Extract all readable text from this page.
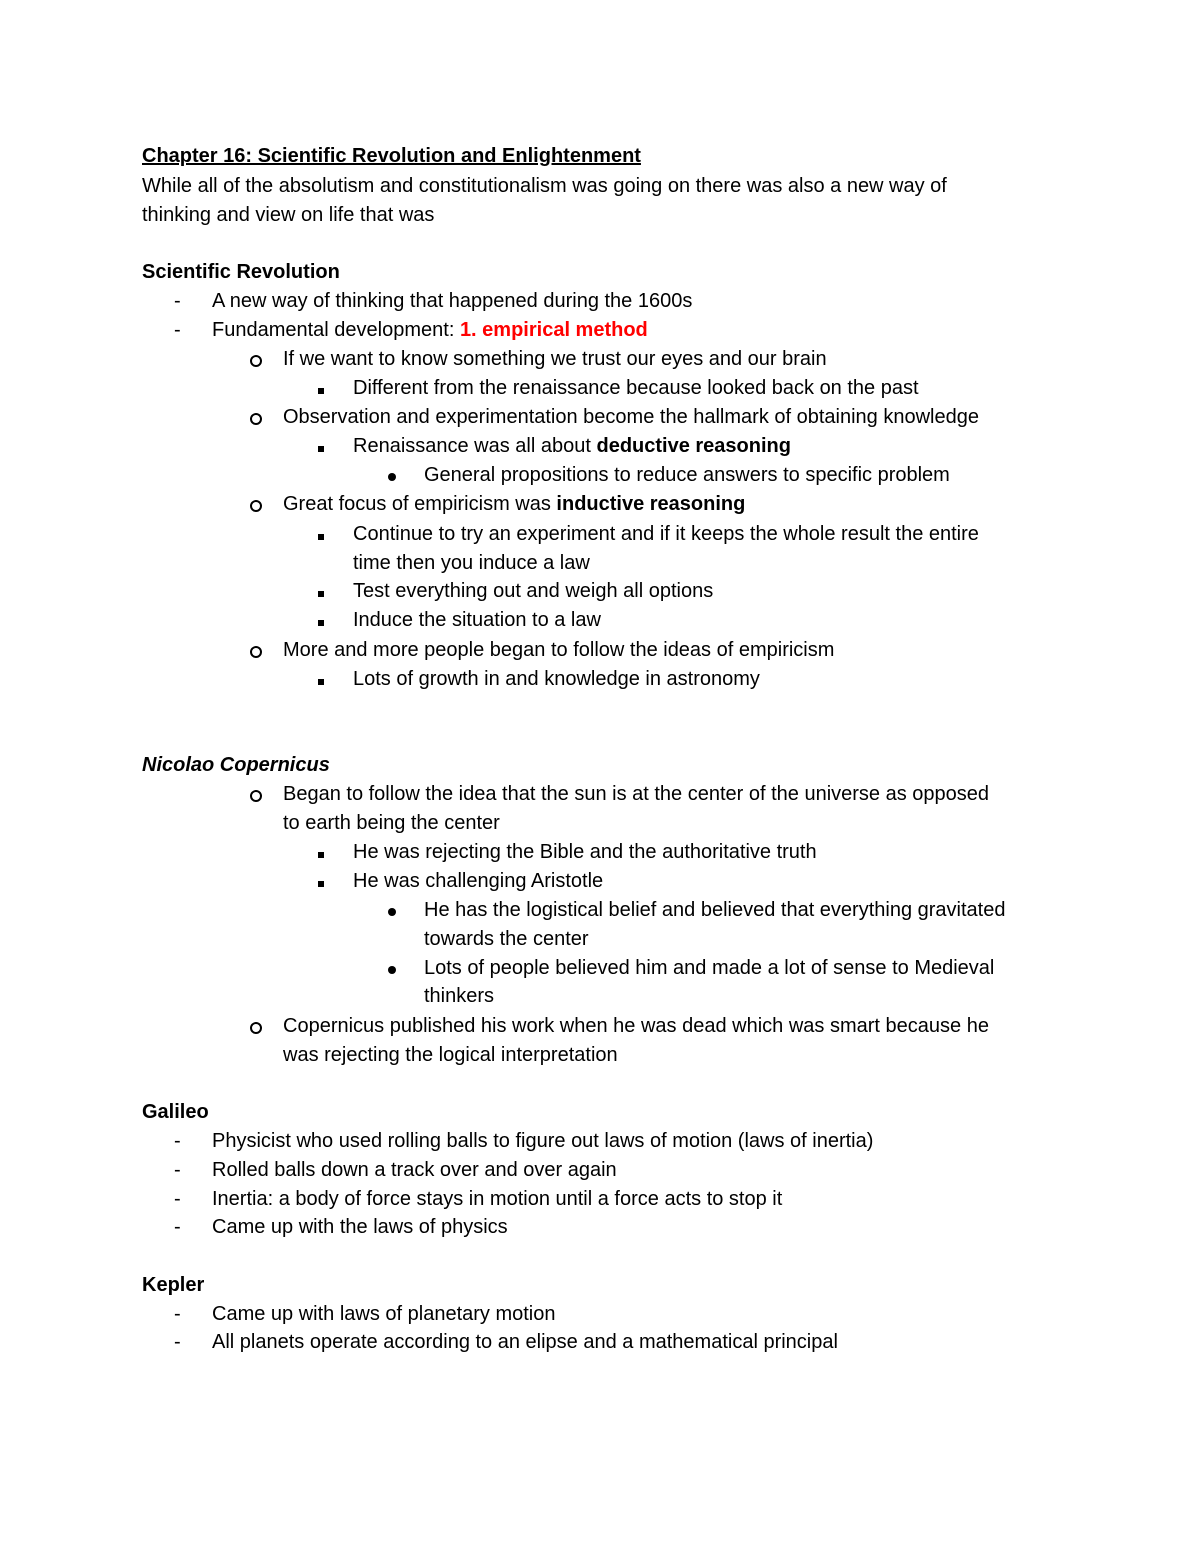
Chapter 16: Scientific Revolution and Enlightenment
While all of the absolutism and constitutionalism was going on there was also a new way of
thinking and view on life that was
Scientific Revolution
- A new way of thinking that happened during the 1600s
- Fundamental development: 1. empirical method
If we want to know something we trust our eyes and our brain
Different from the renaissance because looked back on the past
Observation and experimentation become the hallmark of obtaining knowledge
Renaissance was all about deductive reasoning
General propositions to reduce answers to specific problem
Great focus of empiricism was inductive reasoning
Continue to try an experiment and if it keeps the whole result the entire
time then you induce a law
Test everything out and weigh all options
Induce the situation to a law
More and more people began to follow the ideas of empiricism
Lots of growth in and knowledge in astronomy
Nicolao Copernicus
Began to follow the idea that the sun is at the center of the universe as opposed
to earth being the center
He was rejecting the Bible and the authoritative truth
He was challenging Aristotle
He has the logistical belief and believed that everything gravitated
towards the center
Lots of people believed him and made a lot of sense to Medieval
thinkers
Copernicus published his work when he was dead which was smart because he
was rejecting the logical interpretation
Galileo
- Physicist who used rolling balls to figure out laws of motion (laws of inertia)
- Rolled balls down a track over and over again
- Inertia: a body of force stays in motion until a force acts to stop it
- Came up with the laws of physics
Kepler
- Came up with laws of planetary motion
- All planets operate according to an elipse and a mathematical principal
